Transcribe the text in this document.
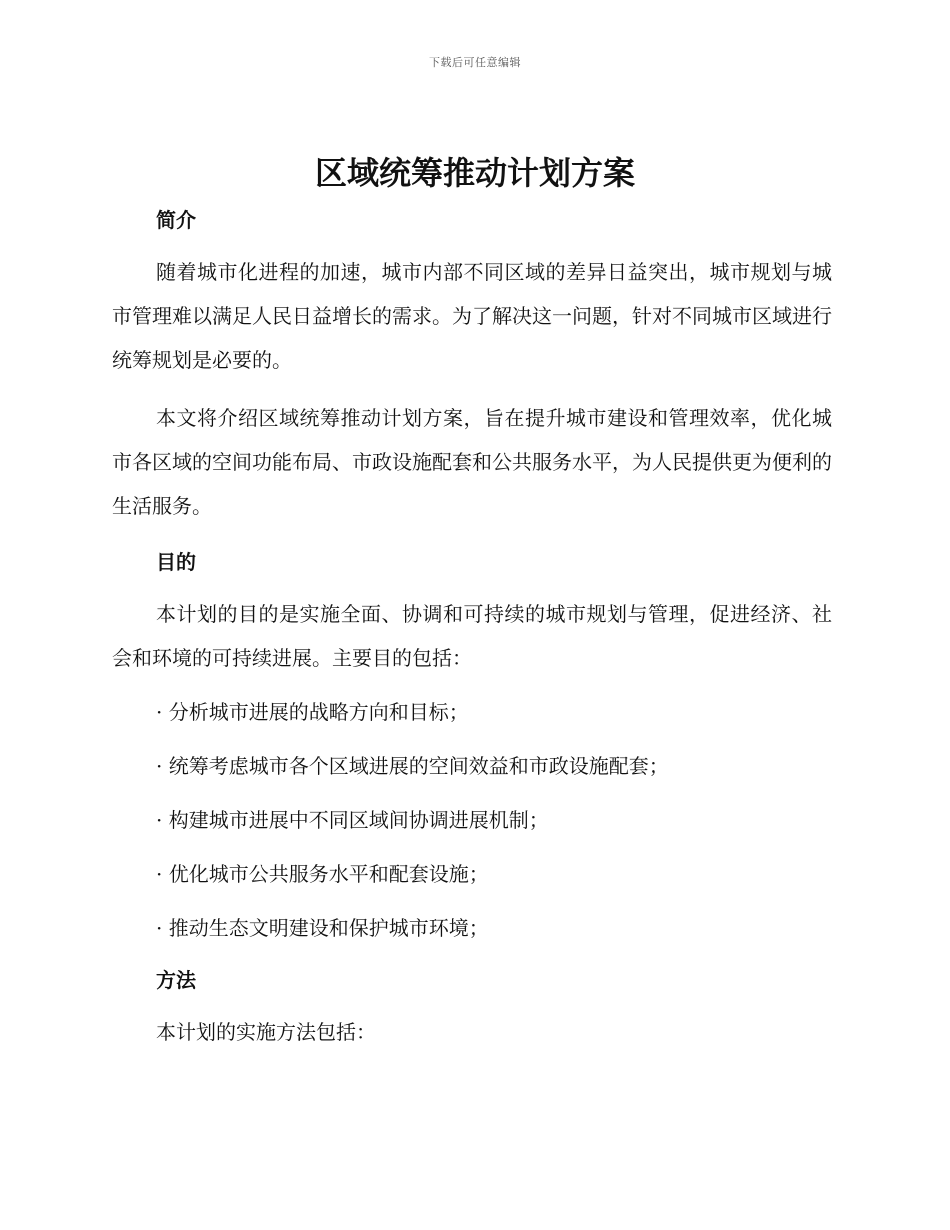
下载后可任意编辑
区域统筹推动计划方案
简介

随着城市化进程的加速，城市内部不同区域的差异日益突出，城市规划与城市管理难以满足人民日益增长的需求。为了解决这一问题，针对不同城市区域进行统筹规划是必要的。

本文将介绍区域统筹推动计划方案，旨在提升城市建设和管理效率，优化城市各区域的空间功能布局、市政设施配套和公共服务水平，为人民提供更为便利的生活服务。

目的

本计划的目的是实施全面、协调和可持续的城市规划与管理，促进经济、社会和环境的可持续进展。主要目的包括：

· 分析城市进展的战略方向和目标；
· 统筹考虑城市各个区域进展的空间效益和市政设施配套；
· 构建城市进展中不同区域间协调进展机制；
· 优化城市公共服务水平和配套设施；
· 推动生态文明建设和保护城市环境；
方法

本计划的实施方法包括：
